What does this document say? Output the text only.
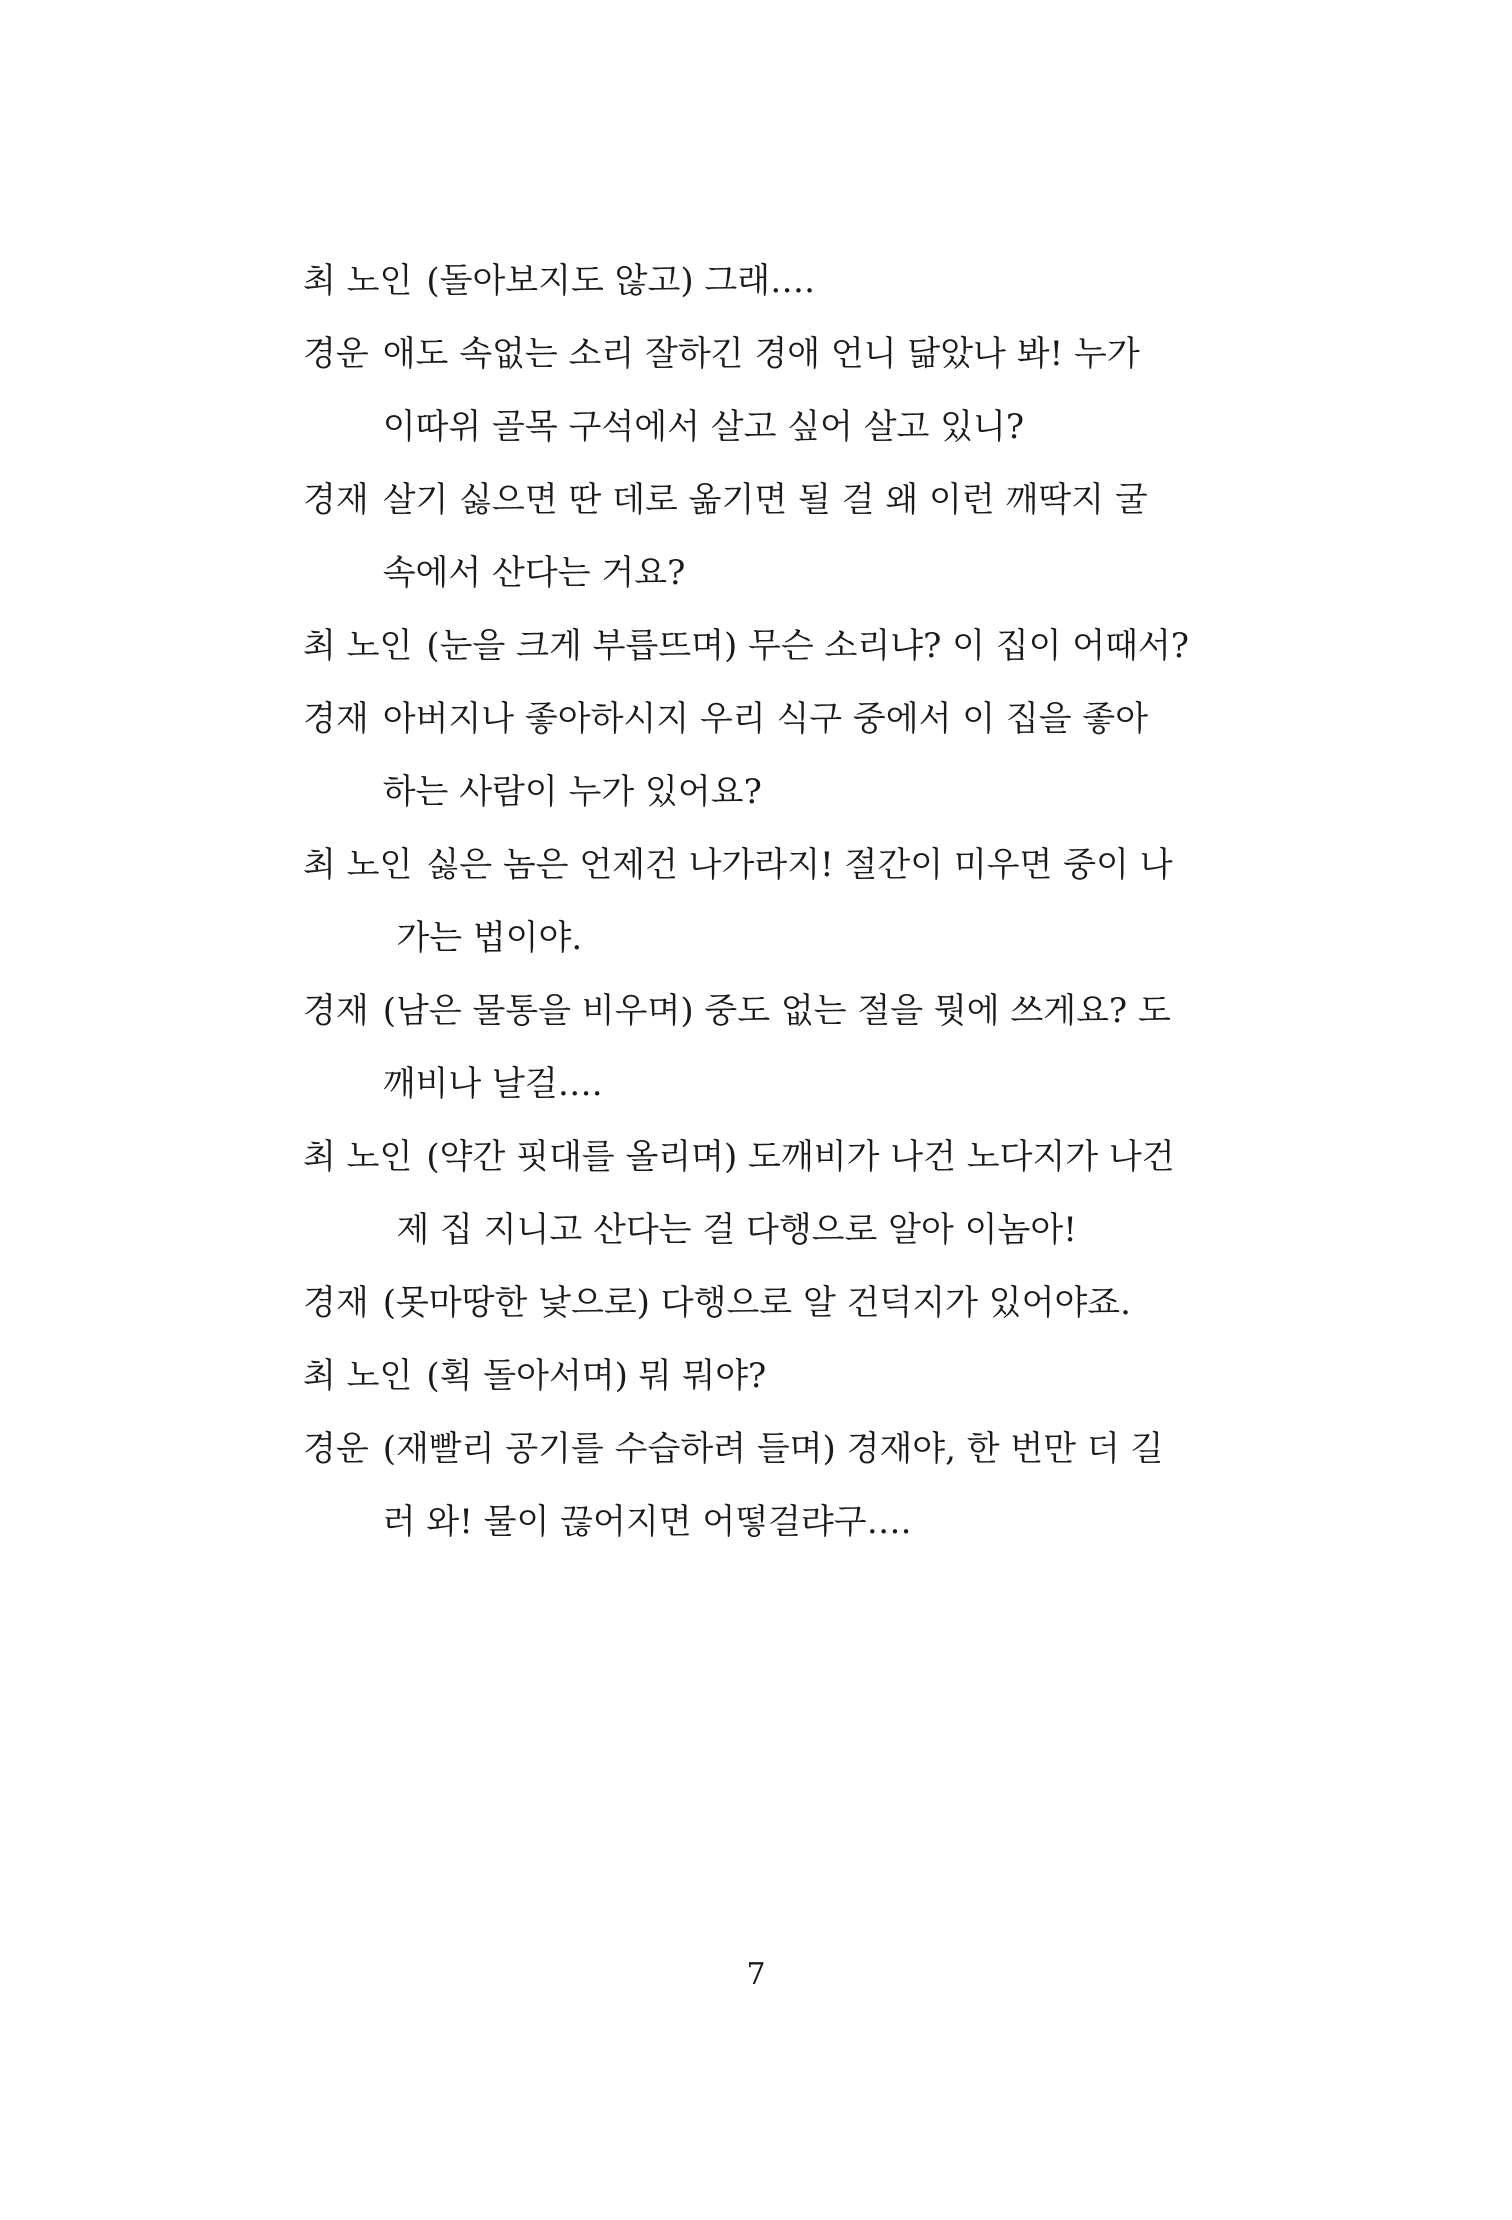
최 노인 (돌아보지도 않고) 그래….
경운 애도 속없는 소리 잘하긴 경애 언니 닮았나 봐! 누가
이따위 골목 구석에서 살고 싶어 살고 있니?
경재 살기 싫으면 딴 데로 옮기면 될 걸 왜 이런 깨딱지 굴
속에서 산다는 거요?
최 노인 (눈을 크게 부릅뜨며) 무슨 소리냐? 이 집이 어때서?
경재 아버지나 좋아하시지 우리 식구 중에서 이 집을 좋아
하는 사람이 누가 있어요?
최 노인 싫은 놈은 언제건 나가라지! 절간이 미우면 중이 나
가는 법이야.
경재 (남은 물통을 비우며) 중도 없는 절을 뭣에 쓰게요? 도
깨비나 날걸….
최 노인 (약간 핏대를 올리며) 도깨비가 나건 노다지가 나건
제 집 지니고 산다는 걸 다행으로 알아 이놈아!
경재 (못마땅한 낯으로) 다행으로 알 건덕지가 있어야죠.
최 노인 (획 돌아서며) 뭐 뭐야?
경운 (재빨리 공기를 수습하려 들며) 경재야, 한 번만 더 길
러 와! 물이 끊어지면 어떻걸랴구….
7
